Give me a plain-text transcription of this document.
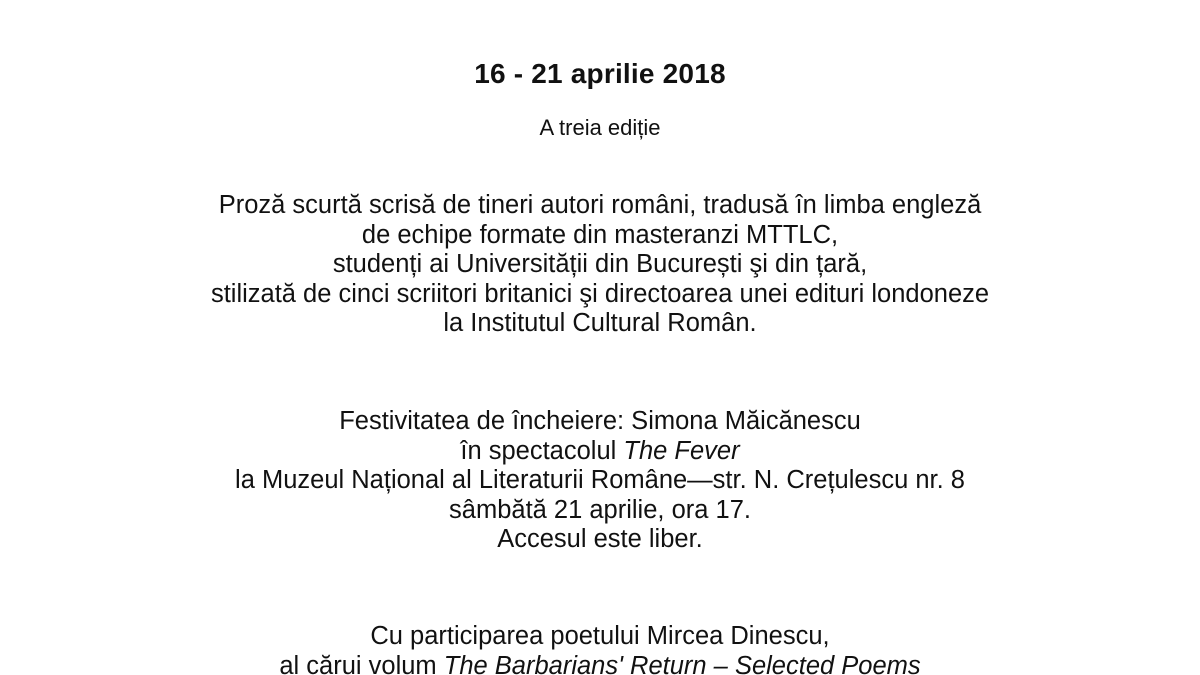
16 - 21 aprilie 2018
A treia ediție
Proză scurtă scrisă de tineri autori români, tradusă în limba engleză
de echipe formate din masteranzi MTTLC,
studenți ai Universității din București şi din țară,
stilizată de cinci scriitori britanici şi directoarea unei edituri londoneze
la Institutul Cultural Român.
Festivitatea de încheiere: Simona Măicănescu
în spectacolul The Fever
la Muzeul Național al Literaturii Române—str. N. Crețulescu nr. 8
sâmbătă 21 aprilie, ora 17.
Accesul este liber.
Cu participarea poetului Mircea Dinescu,
al cărui volum The Barbarians' Return – Selected Poems
